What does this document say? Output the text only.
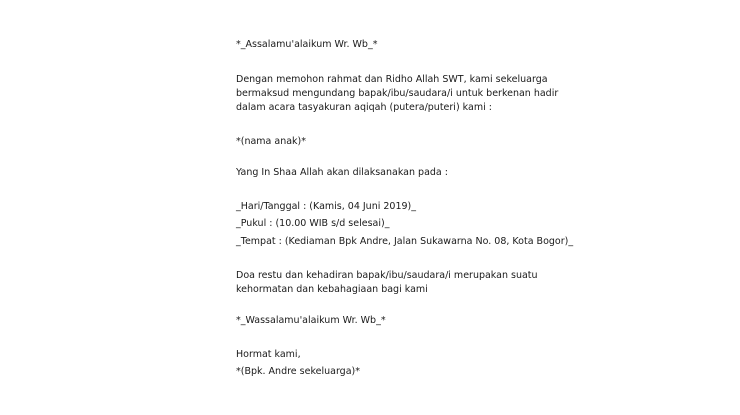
*_Assalamu'alaikum Wr. Wb_*
Dengan memohon rahmat dan Ridho Allah SWT, kami sekeluarga
bermaksud mengundang bapak/ibu/saudara/i untuk berkenan hadir
dalam acara tasyakuran aqiqah (putera/puteri) kami :
*(nama anak)*
Yang In Shaa Allah akan dilaksanakan pada :
_Hari/Tanggal : (Kamis, 04 Juni 2019)_
_Pukul : (10.00 WIB s/d selesai)_
_Tempat : (Kediaman Bpk Andre, Jalan Sukawarna No. 08, Kota Bogor)_
Doa restu dan kehadiran bapak/ibu/saudara/i merupakan suatu
kehormatan dan kebahagiaan bagi kami
*_Wassalamu'alaikum Wr. Wb_*
Hormat kami,
*(Bpk. Andre sekeluarga)*
